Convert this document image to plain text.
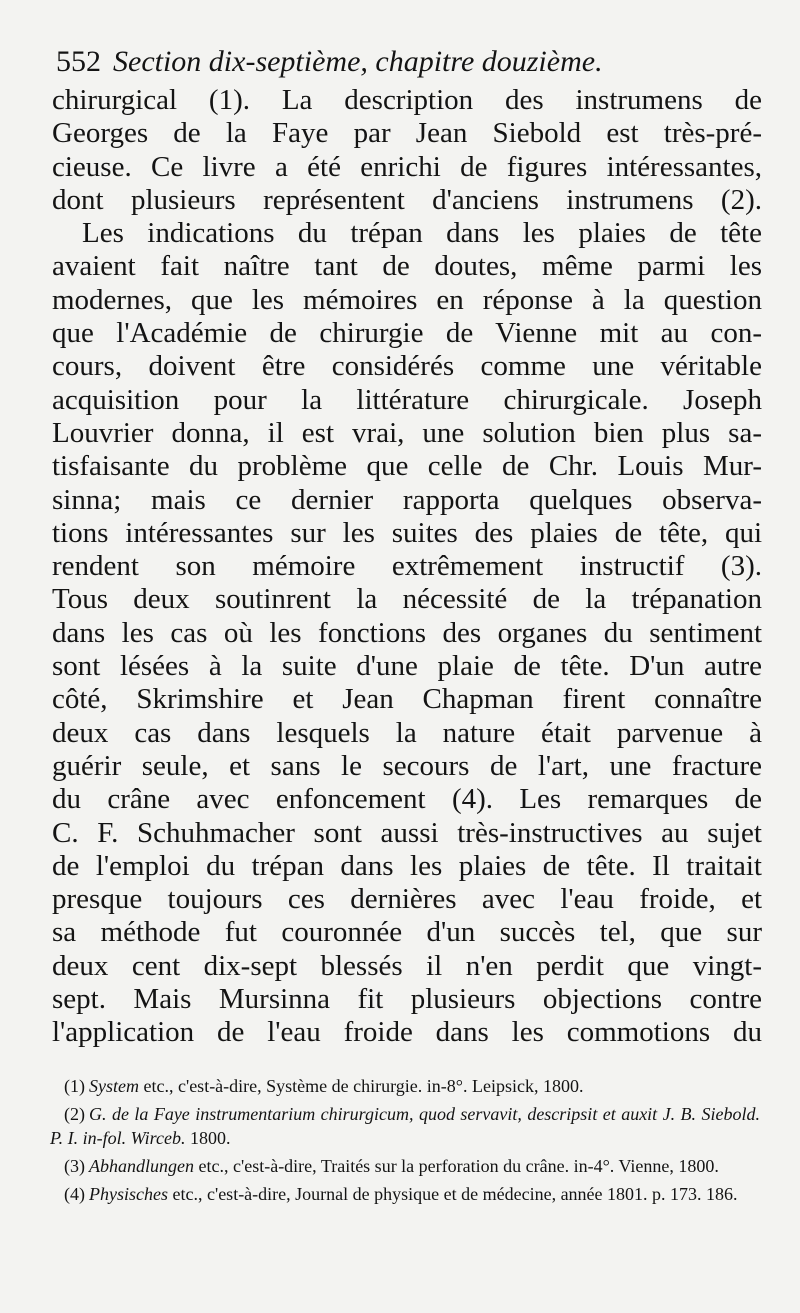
552 Section dix-septième, chapitre douzième.
chirurgical (1). La description des instrumens de
Georges de la Faye par Jean Siebold est très-pré-
cieuse. Ce livre a été enrichi de figures intéressantes,
dont plusieurs représentent d'anciens instrumens (2).
Les indications du trépan dans les plaies de tête
avaient fait naître tant de doutes, même parmi les
modernes, que les mémoires en réponse à la question
que l'Académie de chirurgie de Vienne mit au con-
cours, doivent être considérés comme une véritable
acquisition pour la littérature chirurgicale. Joseph
Louvrier donna, il est vrai, une solution bien plus sa-
tisfaisante du problème que celle de Chr. Louis Mur-
sinna; mais ce dernier rapporta quelques observa-
tions intéressantes sur les suites des plaies de tête, qui
rendent son mémoire extrêmement instructif (3).
Tous deux soutinrent la nécessité de la trépanation
dans les cas où les fonctions des organes du sentiment
sont lésées à la suite d'une plaie de tête. D'un autre
côté, Skrimshire et Jean Chapman firent connaître
deux cas dans lesquels la nature était parvenue à
guérir seule, et sans le secours de l'art, une fracture
du crâne avec enfoncement (4). Les remarques de
C. F. Schuhmacher sont aussi très-instructives au sujet
de l'emploi du trépan dans les plaies de tête. Il traitait
presque toujours ces dernières avec l'eau froide, et
sa méthode fut couronnée d'un succès tel, que sur
deux cent dix-sept blessés il n'en perdit que vingt-
sept. Mais Mursinna fit plusieurs objections contre
l'application de l'eau froide dans les commotions du
(1) System etc., c'est-à-dire, Système de chirurgie. in-8°. Leipsick, 1800.
(2) G. de la Faye instrumentarium chirurgicum, quod servavit, descripsit et auxit J. B. Siebold. P. I. in-fol. Wirceb. 1800.
(3) Abhandlungen etc., c'est-à-dire, Traités sur la perforation du crâne. in-4°. Vienne, 1800.
(4) Physisches etc., c'est-à-dire, Journal de physique et de médecine, année 1801. p. 173. 186.
